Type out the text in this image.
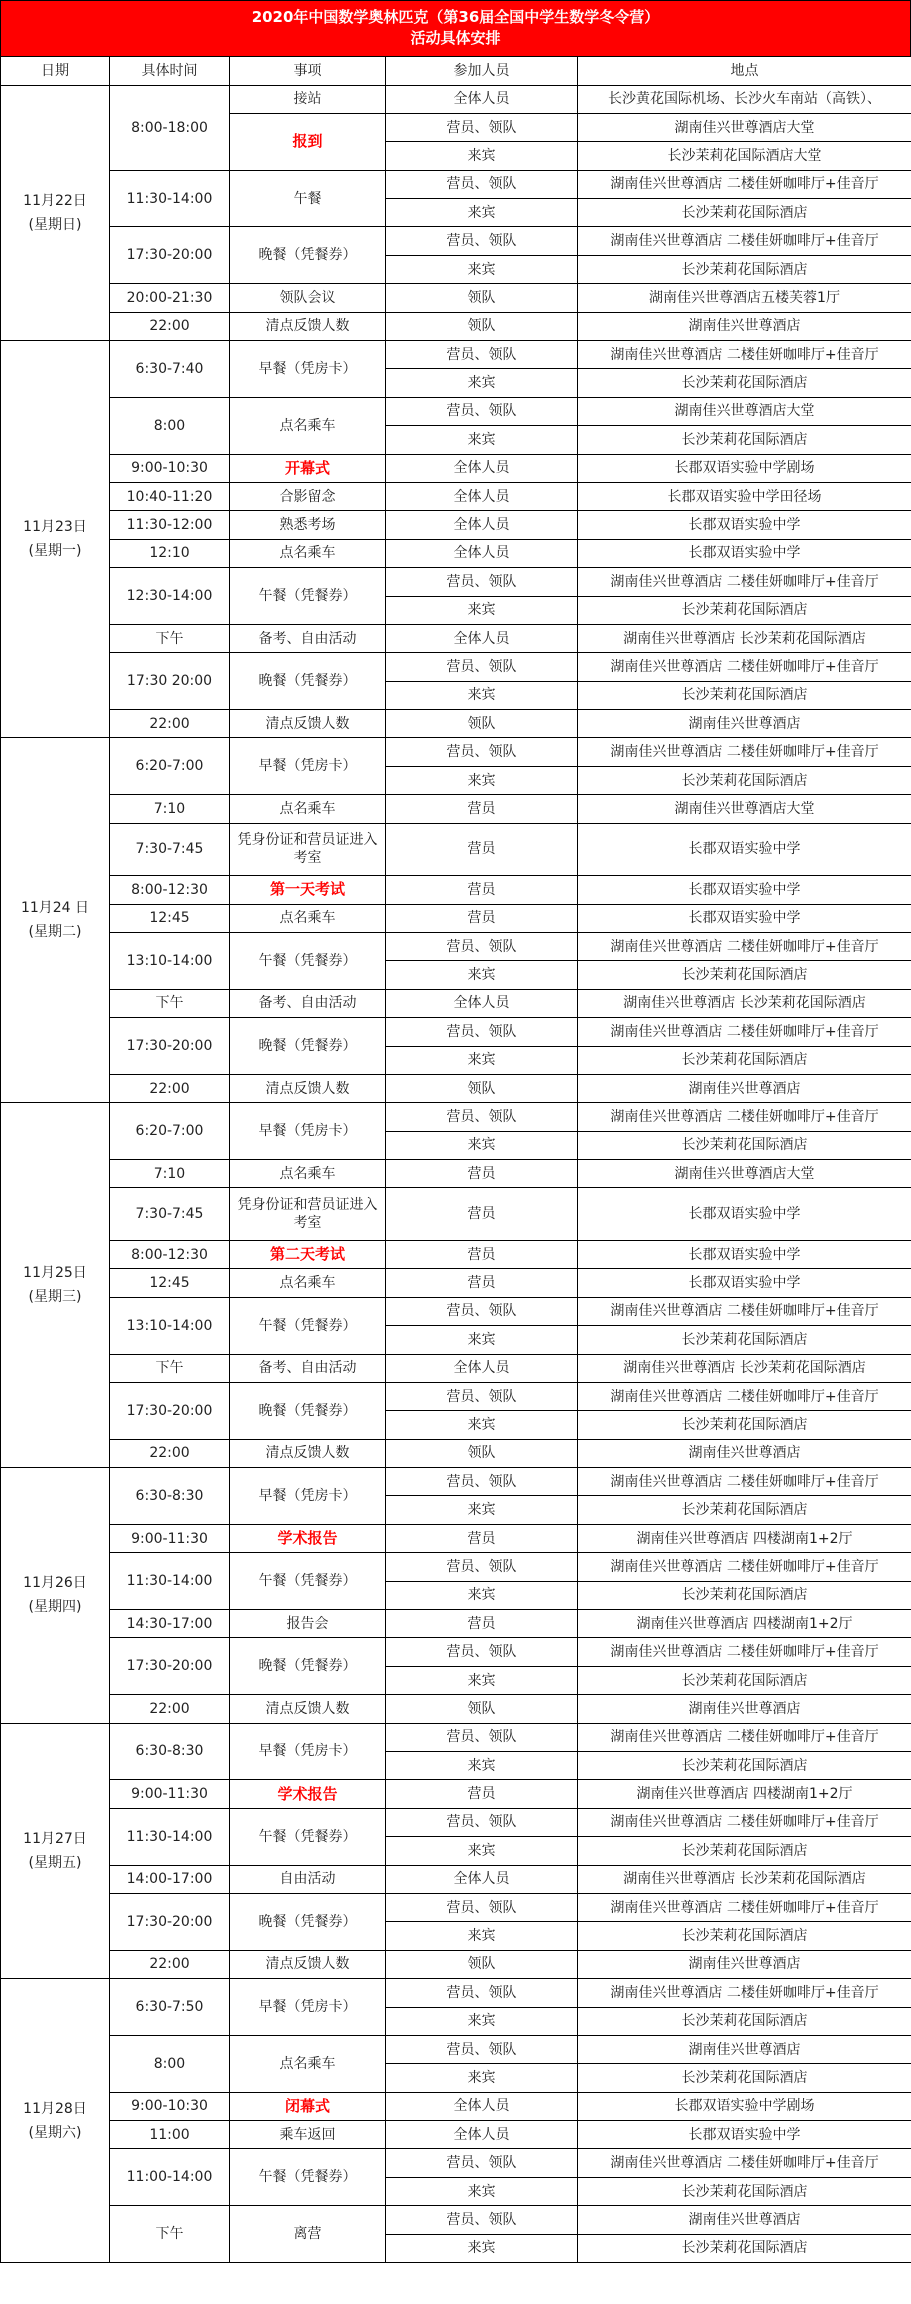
2020年中国数学奥林匹克（第36届全国中学生数学冬令营）
活动具体安排
日期	具体时间	事项	参加人员	地点

11月22日
(星期日)	8:00-18:00	接站	全体人员	长沙黄花国际机场、长沙火车南站（高铁）、
		报到	营员、领队	湖南佳兴世尊酒店大堂
			来宾	长沙茉莉花国际酒店大堂
	11:30-14:00	午餐	营员、领队	湖南佳兴世尊酒店 二楼佳妍咖啡厅+佳音厅
			来宾	长沙茉莉花国际酒店
	17:30-20:00	晚餐（凭餐券）	营员、领队	湖南佳兴世尊酒店 二楼佳妍咖啡厅+佳音厅
			来宾	长沙茉莉花国际酒店
	20:00-21:30	领队会议	领队	湖南佳兴世尊酒店五楼芙蓉1厅
	22:00	清点反馈人数	领队	湖南佳兴世尊酒店

11月23日
(星期一)	6:30-7:40	早餐（凭房卡）	营员、领队	湖南佳兴世尊酒店 二楼佳妍咖啡厅+佳音厅
			来宾	长沙茉莉花国际酒店
	8:00	点名乘车	营员、领队	湖南佳兴世尊酒店大堂
			来宾	长沙茉莉花国际酒店
	9:00-10:30	开幕式	全体人员	长郡双语实验中学剧场
	10:40-11:20	合影留念	全体人员	长郡双语实验中学田径场
	11:30-12:00	熟悉考场	全体人员	长郡双语实验中学
	12:10	点名乘车	全体人员	长郡双语实验中学
	12:30-14:00	午餐（凭餐券）	营员、领队	湖南佳兴世尊酒店 二楼佳妍咖啡厅+佳音厅
			来宾	长沙茉莉花国际酒店
	下午	备考、自由活动	全体人员	湖南佳兴世尊酒店 长沙茉莉花国际酒店
	17:30 20:00	晚餐（凭餐券）	营员、领队	湖南佳兴世尊酒店 二楼佳妍咖啡厅+佳音厅
			来宾	长沙茉莉花国际酒店
	22:00	清点反馈人数	领队	湖南佳兴世尊酒店

11月24 日
(星期二)	6:20-7:00	早餐（凭房卡）	营员、领队	湖南佳兴世尊酒店 二楼佳妍咖啡厅+佳音厅
			来宾	长沙茉莉花国际酒店
	7:10	点名乘车	营员	湖南佳兴世尊酒店大堂
	7:30-7:45	凭身份证和营员证进入考室	营员	长郡双语实验中学
	8:00-12:30	第一天考试	营员	长郡双语实验中学
	12:45	点名乘车	营员	长郡双语实验中学
	13:10-14:00	午餐（凭餐券）	营员、领队	湖南佳兴世尊酒店 二楼佳妍咖啡厅+佳音厅
			来宾	长沙茉莉花国际酒店
	下午	备考、自由活动	全体人员	湖南佳兴世尊酒店 长沙茉莉花国际酒店
	17:30-20:00	晚餐（凭餐券）	营员、领队	湖南佳兴世尊酒店 二楼佳妍咖啡厅+佳音厅
			来宾	长沙茉莉花国际酒店
	22:00	清点反馈人数	领队	湖南佳兴世尊酒店

11月25日
(星期三)	6:20-7:00	早餐（凭房卡）	营员、领队	湖南佳兴世尊酒店 二楼佳妍咖啡厅+佳音厅
			来宾	长沙茉莉花国际酒店
	7:10	点名乘车	营员	湖南佳兴世尊酒店大堂
	7:30-7:45	凭身份证和营员证进入考室	营员	长郡双语实验中学
	8:00-12:30	第二天考试	营员	长郡双语实验中学
	12:45	点名乘车	营员	长郡双语实验中学
	13:10-14:00	午餐（凭餐券）	营员、领队	湖南佳兴世尊酒店 二楼佳妍咖啡厅+佳音厅
			来宾	长沙茉莉花国际酒店
	下午	备考、自由活动	全体人员	湖南佳兴世尊酒店 长沙茉莉花国际酒店
	17:30-20:00	晚餐（凭餐券）	营员、领队	湖南佳兴世尊酒店 二楼佳妍咖啡厅+佳音厅
			来宾	长沙茉莉花国际酒店
	22:00	清点反馈人数	领队	湖南佳兴世尊酒店

11月26日
(星期四)	6:30-8:30	早餐（凭房卡）	营员、领队	湖南佳兴世尊酒店 二楼佳妍咖啡厅+佳音厅
			来宾	长沙茉莉花国际酒店
	9:00-11:30	学术报告	营员	湖南佳兴世尊酒店 四楼湖南1+2厅
	11:30-14:00	午餐（凭餐券）	营员、领队	湖南佳兴世尊酒店 二楼佳妍咖啡厅+佳音厅
			来宾	长沙茉莉花国际酒店
	14:30-17:00	报告会	营员	湖南佳兴世尊酒店 四楼湖南1+2厅
	17:30-20:00	晚餐（凭餐券）	营员、领队	湖南佳兴世尊酒店 二楼佳妍咖啡厅+佳音厅
			来宾	长沙茉莉花国际酒店
	22:00	清点反馈人数	领队	湖南佳兴世尊酒店

11月27日
(星期五)	6:30-8:30	早餐（凭房卡）	营员、领队	湖南佳兴世尊酒店 二楼佳妍咖啡厅+佳音厅
			来宾	长沙茉莉花国际酒店
	9:00-11:30	学术报告	营员	湖南佳兴世尊酒店 四楼湖南1+2厅
	11:30-14:00	午餐（凭餐券）	营员、领队	湖南佳兴世尊酒店 二楼佳妍咖啡厅+佳音厅
			来宾	长沙茉莉花国际酒店
	14:00-17:00	自由活动	全体人员	湖南佳兴世尊酒店 长沙茉莉花国际酒店
	17:30-20:00	晚餐（凭餐券）	营员、领队	湖南佳兴世尊酒店 二楼佳妍咖啡厅+佳音厅
			来宾	长沙茉莉花国际酒店
	22:00	清点反馈人数	领队	湖南佳兴世尊酒店

11月28日
(星期六)	6:30-7:50	早餐（凭房卡）	营员、领队	湖南佳兴世尊酒店 二楼佳妍咖啡厅+佳音厅
			来宾	长沙茉莉花国际酒店
	8:00	点名乘车	营员、领队	湖南佳兴世尊酒店
			来宾	长沙茉莉花国际酒店
	9:00-10:30	闭幕式	全体人员	长郡双语实验中学剧场
	11:00	乘车返回	全体人员	长郡双语实验中学
	11:00-14:00	午餐（凭餐券）	营员、领队	湖南佳兴世尊酒店 二楼佳妍咖啡厅+佳音厅
			来宾	长沙茉莉花国际酒店
	下午	离营	营员、领队	湖南佳兴世尊酒店
			来宾	长沙茉莉花国际酒店
